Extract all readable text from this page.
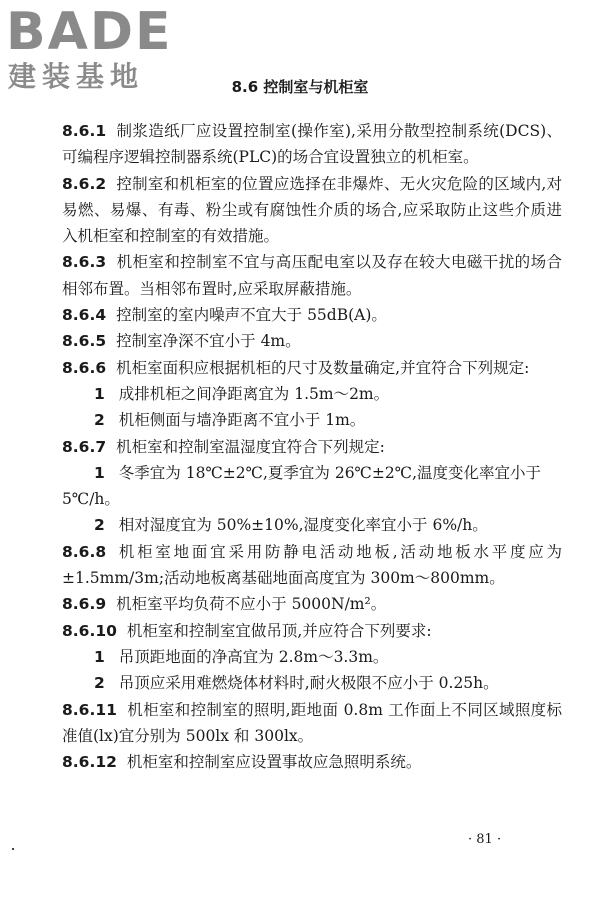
BADE
建装基地	8.6 控制室与机柜室

8.6.1 制浆造纸厂应设置控制室(操作室),采用分散型控制系统(DCS)、可编程序逻辑控制器系统(PLC)的场合宜设置独立的机柜室。

8.6.2 控制室和机柜室的位置应选择在非爆炸、无火灾危险的区域内,对易燃、易爆、有毒、粉尘或有腐蚀性介质的场合,应采取防止这些介质进入机柜室和控制室的有效措施。

8.6.3 机柜室和控制室不宜与高压配电室以及存在较大电磁干扰的场合相邻布置。当相邻布置时,应采取屏蔽措施。

8.6.4 控制室的室内噪声不宜大于 55dB(A)。

8.6.5 控制室净深不宜小于 4m。

8.6.6 机柜室面积应根据机柜的尺寸及数量确定,并宜符合下列规定:

1 成排机柜之间净距离宜为 1.5m～2m。

2 机柜侧面与墙净距离不宜小于 1m。

8.6.7 机柜室和控制室温湿度宜符合下列规定:

1 冬季宜为 18℃±2℃,夏季宜为 26℃±2℃,温度变化率宜小于 5℃/h。

2 相对湿度宜为 50%±10%,湿度变化率宜小于 6%/h。

8.6.8 机柜室地面宜采用防静电活动地板,活动地板水平度应为±1.5mm/3m;活动地板离基础地面高度宜为 300m～800mm。

8.6.9 机柜室平均负荷不应小于 5000N/m²。

8.6.10 机柜室和控制室宜做吊顶,并应符合下列要求:

1 吊顶距地面的净高宜为 2.8m～3.3m。

2 吊顶应采用难燃烧体材料时,耐火极限不应小于 0.25h。

8.6.11 机柜室和控制室的照明,距地面 0.8m 工作面上不同区域照度标准值(lx)宜分别为 500lx 和 300lx。

8.6.12 机柜室和控制室应设置事故应急照明系统。

· 81 ·
